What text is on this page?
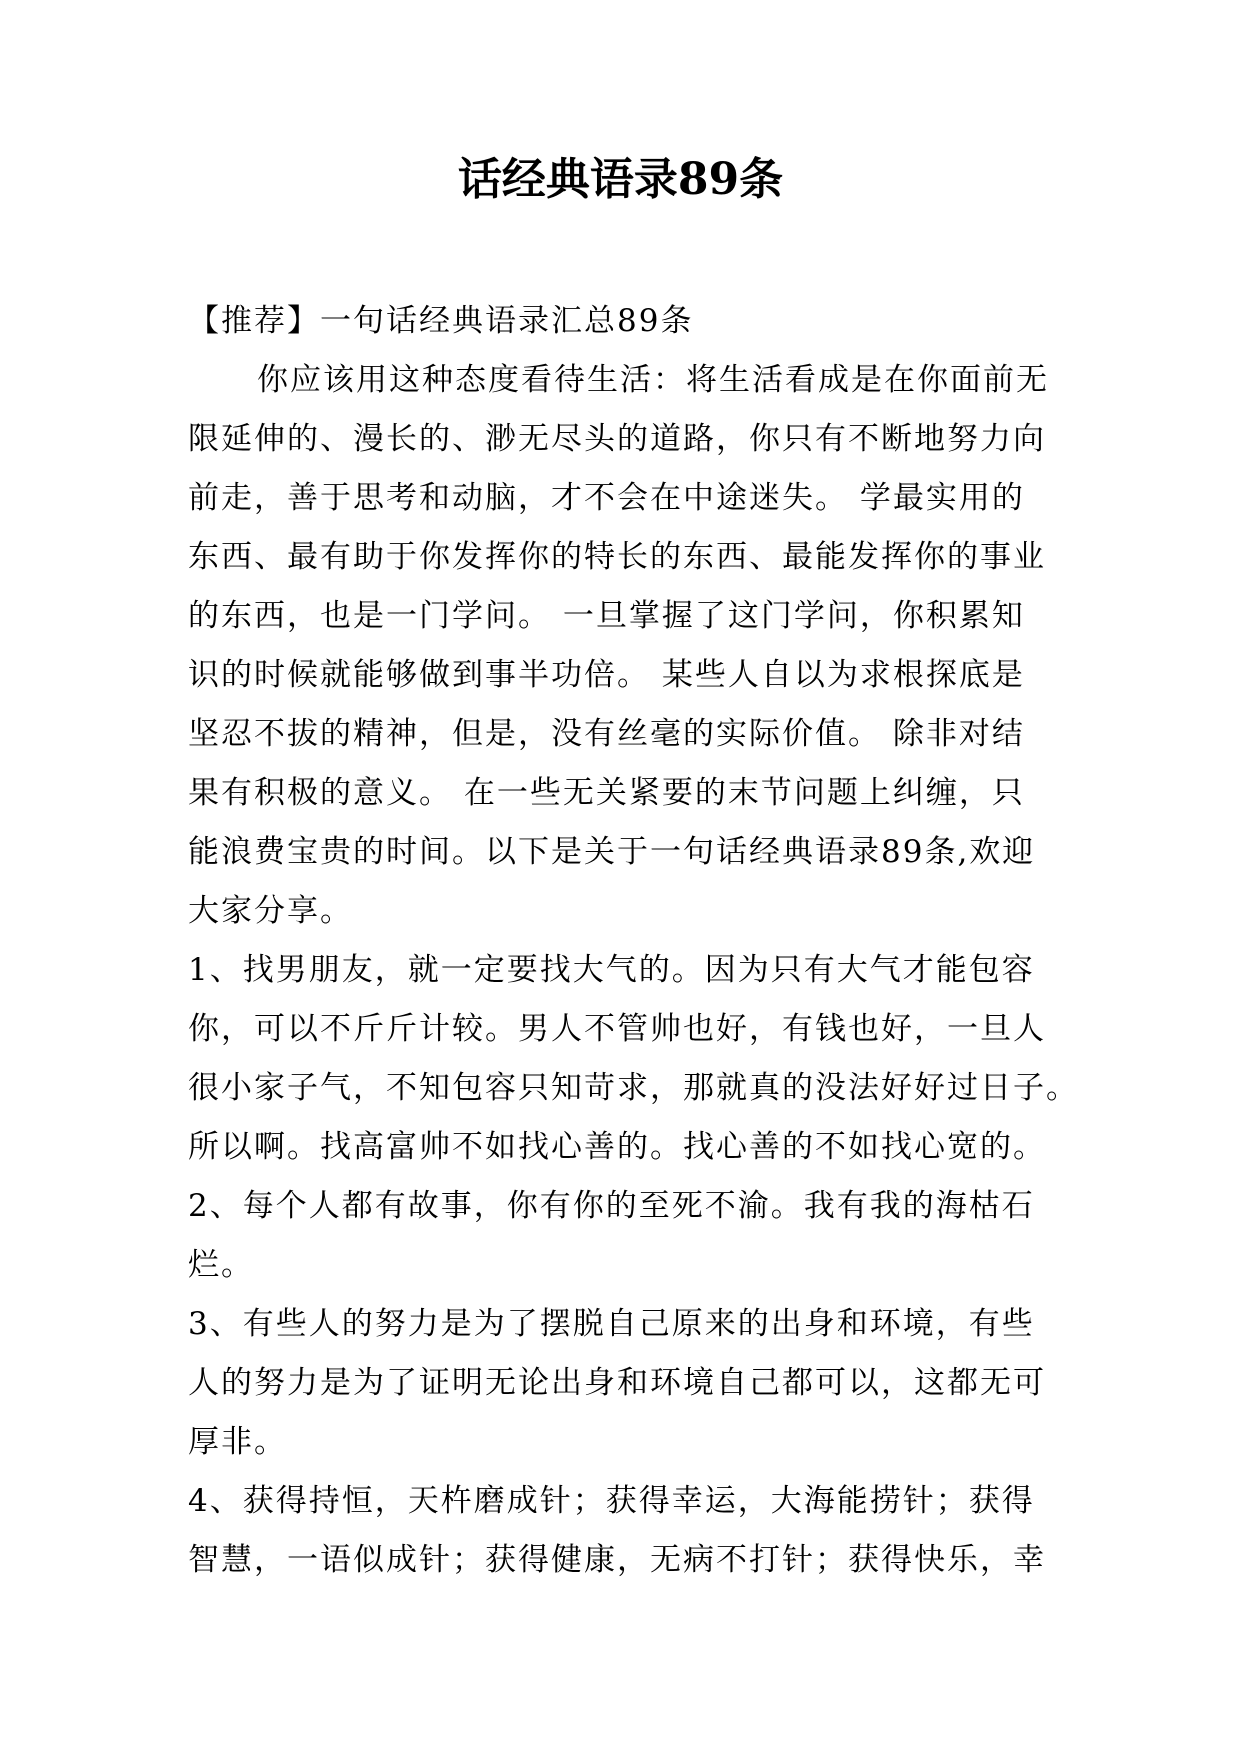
话经典语录89条
【推荐】一句话经典语录汇总89条
你应该用这种态度看待生活：将生活看成是在你面前无
限延伸的、漫长的、渺无尽头的道路，你只有不断地努力向
前走，善于思考和动脑，才不会在中途迷失。 学最实用的
东西、最有助于你发挥你的特长的东西、最能发挥你的事业
的东西，也是一门学问。 一旦掌握了这门学问，你积累知
识的时候就能够做到事半功倍。 某些人自以为求根探底是
坚忍不拔的精神，但是，没有丝毫的实际价值。 除非对结
果有积极的意义。 在一些无关紧要的末节问题上纠缠，只
能浪费宝贵的时间。以下是关于一句话经典语录89条,欢迎
大家分享。
1、找男朋友，就一定要找大气的。因为只有大气才能包容
你，可以不斤斤计较。男人不管帅也好，有钱也好，一旦人
很小家子气，不知包容只知苛求，那就真的没法好好过日子。
所以啊。找高富帅不如找心善的。找心善的不如找心宽的。
2、每个人都有故事，你有你的至死不渝。我有我的海枯石
烂。
3、有些人的努力是为了摆脱自己原来的出身和环境，有些
人的努力是为了证明无论出身和环境自己都可以，这都无可
厚非。
4、获得持恒，天杵磨成针；获得幸运，大海能捞针；获得
智慧，一语似成针；获得健康，无病不打针；获得快乐，幸
